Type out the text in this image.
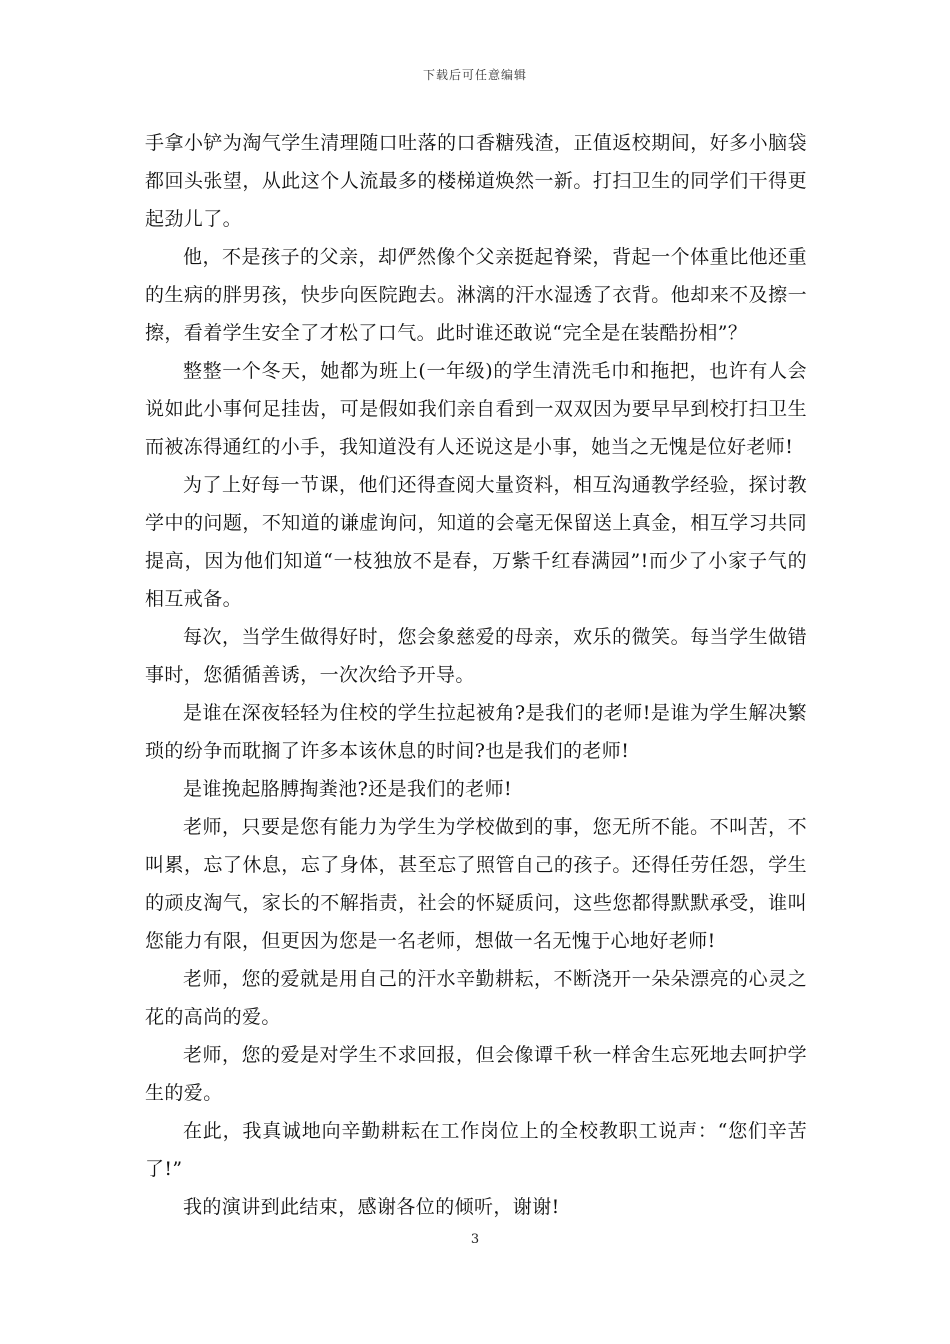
下载后可任意编辑

手拿小铲为淘气学生清理随口吐落的口香糖残渣，正值返校期间，好多小脑袋都回头张望，从此这个人流最多的楼梯道焕然一新。打扫卫生的同学们干得更起劲儿了。

他，不是孩子的父亲，却俨然像个父亲挺起脊梁，背起一个体重比他还重的生病的胖男孩，快步向医院跑去。淋漓的汗水湿透了衣背。他却来不及擦一擦，看着学生安全了才松了口气。此时谁还敢说“完全是在装酷扮相”？

整整一个冬天，她都为班上(一年级)的学生清洗毛巾和拖把，也许有人会说如此小事何足挂齿，可是假如我们亲自看到一双双因为要早早到校打扫卫生而被冻得通红的小手，我知道没有人还说这是小事，她当之无愧是位好老师!

为了上好每一节课，他们还得查阅大量资料，相互沟通教学经验，探讨教学中的问题，不知道的谦虚询问，知道的会毫无保留送上真金，相互学习共同提高，因为他们知道“一枝独放不是春，万紫千红春满园”!而少了小家子气的相互戒备。

每次，当学生做得好时，您会象慈爱的母亲，欢乐的微笑。每当学生做错事时，您循循善诱，一次次给予开导。

是谁在深夜轻轻为住校的学生拉起被角?是我们的老师!是谁为学生解决繁琐的纷争而耽搁了许多本该休息的时间?也是我们的老师!

是谁挽起胳膊掏粪池?还是我们的老师!

老师，只要是您有能力为学生为学校做到的事，您无所不能。不叫苦，不叫累，忘了休息，忘了身体，甚至忘了照管自己的孩子。还得任劳任怨，学生的顽皮淘气，家长的不解指责，社会的怀疑质问，这些您都得默默承受，谁叫您能力有限，但更因为您是一名老师，想做一名无愧于心地好老师!

老师，您的爱就是用自己的汗水辛勤耕耘，不断浇开一朵朵漂亮的心灵之花的高尚的爱。

老师，您的爱是对学生不求回报，但会像谭千秋一样舍生忘死地去呵护学生的爱。

在此，我真诚地向辛勤耕耘在工作岗位上的全校教职工说声：“您们辛苦了!”

我的演讲到此结束，感谢各位的倾听，谢谢!

3
